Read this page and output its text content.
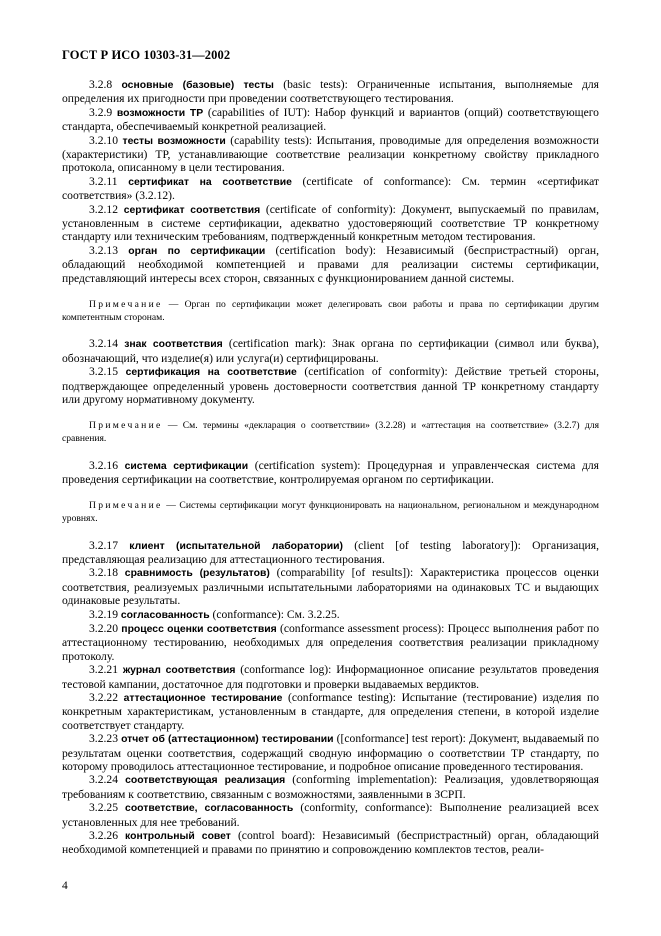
ГОСТ Р ИСО 10303-31—2002

3.2.8 основные (базовые) тесты (basic tests): Ограниченные испытания, выполняемые для определения их пригодности при проведении соответствующего тестирования.

3.2.9 возможности ТР (capabilities of IUT): Набор функций и вариантов (опций) соответствующего стандарта, обеспечиваемый конкретной реализацией.

3.2.10 тесты возможности (capability tests): Испытания, проводимые для определения возможности (характеристики) ТР, устанавливающие соответствие реализации конкретному свойству прикладного протокола, описанному в цели тестирования.

3.2.11 сертификат на соответствие (certificate of conformance): См. термин «сертификат соответствия» (3.2.12).

3.2.12 сертификат соответствия (certificate of conformity): Документ, выпускаемый по правилам, установленным в системе сертификации, адекватно удостоверяющий соответствие ТР конкретному стандарту или техническим требованиям, подтвержденный конкретным методом тестирования.

3.2.13 орган по сертификации (certification body): Независимый (беспристрастный) орган, обладающий необходимой компетенцией и правами для реализации системы сертификации, представляющий интересы всех сторон, связанных с функционированием данной системы.

Примечание — Орган по сертификации может делегировать свои работы и права по сертификации другим компетентным сторонам.

3.2.14 знак соответствия (certification mark): Знак органа по сертификации (символ или буква), обозначающий, что изделие(я) или услуга(и) сертифицированы.

3.2.15 сертификация на соответствие (certification of conformity): Действие третьей стороны, подтверждающее определенный уровень достоверности соответствия данной ТР конкретному стандарту или другому нормативному документу.

Примечание — См. термины «декларация о соответствии» (3.2.28) и «аттестация на соответствие» (3.2.7) для сравнения.

3.2.16 система сертификации (certification system): Процедурная и управленческая система для проведения сертификации на соответствие, контролируемая органом по сертификации.

Примечание — Системы сертификации могут функционировать на национальном, региональном и международном уровнях.

3.2.17 клиент (испытательной лаборатории) (client [of testing laboratory]): Организация, представляющая реализацию для аттестационного тестирования.

3.2.18 сравнимость (результатов) (comparability [of results]): Характеристика процессов оценки соответствия, реализуемых различными испытательными лабораториями на одинаковых ТС и выдающих одинаковые результаты.

3.2.19 согласованность (conformance): См. 3.2.25.

3.2.20 процесс оценки соответствия (conformance assessment process): Процесс выполнения работ по аттестационному тестированию, необходимых для определения соответствия реализации прикладному протоколу.

3.2.21 журнал соответствия (conformance log): Информационное описание результатов проведения тестовой кампании, достаточное для подготовки и проверки выдаваемых вердиктов.

3.2.22 аттестационное тестирование (conformance testing): Испытание (тестирование) изделия по конкретным характеристикам, установленным в стандарте, для определения степени, в которой изделие соответствует стандарту.

3.2.23 отчет об (аттестационном) тестировании ([conformance] test report): Документ, выдаваемый по результатам оценки соответствия, содержащий сводную информацию о соответствии ТР стандарту, по которому проводилось аттестационное тестирование, и подробное описание проведенного тестирования.

3.2.24 соответствующая реализация (conforming implementation): Реализация, удовлетворяющая требованиям к соответствию, связанным с возможностями, заявленными в ЗСРП.

3.2.25 соответствие, согласованность (conformity, conformance): Выполнение реализацией всех установленных для нее требований.

3.2.26 контрольный совет (control board): Независимый (беспристрастный) орган, обладающий необходимой компетенцией и правами по принятию и сопровождению комплектов тестов, реали-

4
